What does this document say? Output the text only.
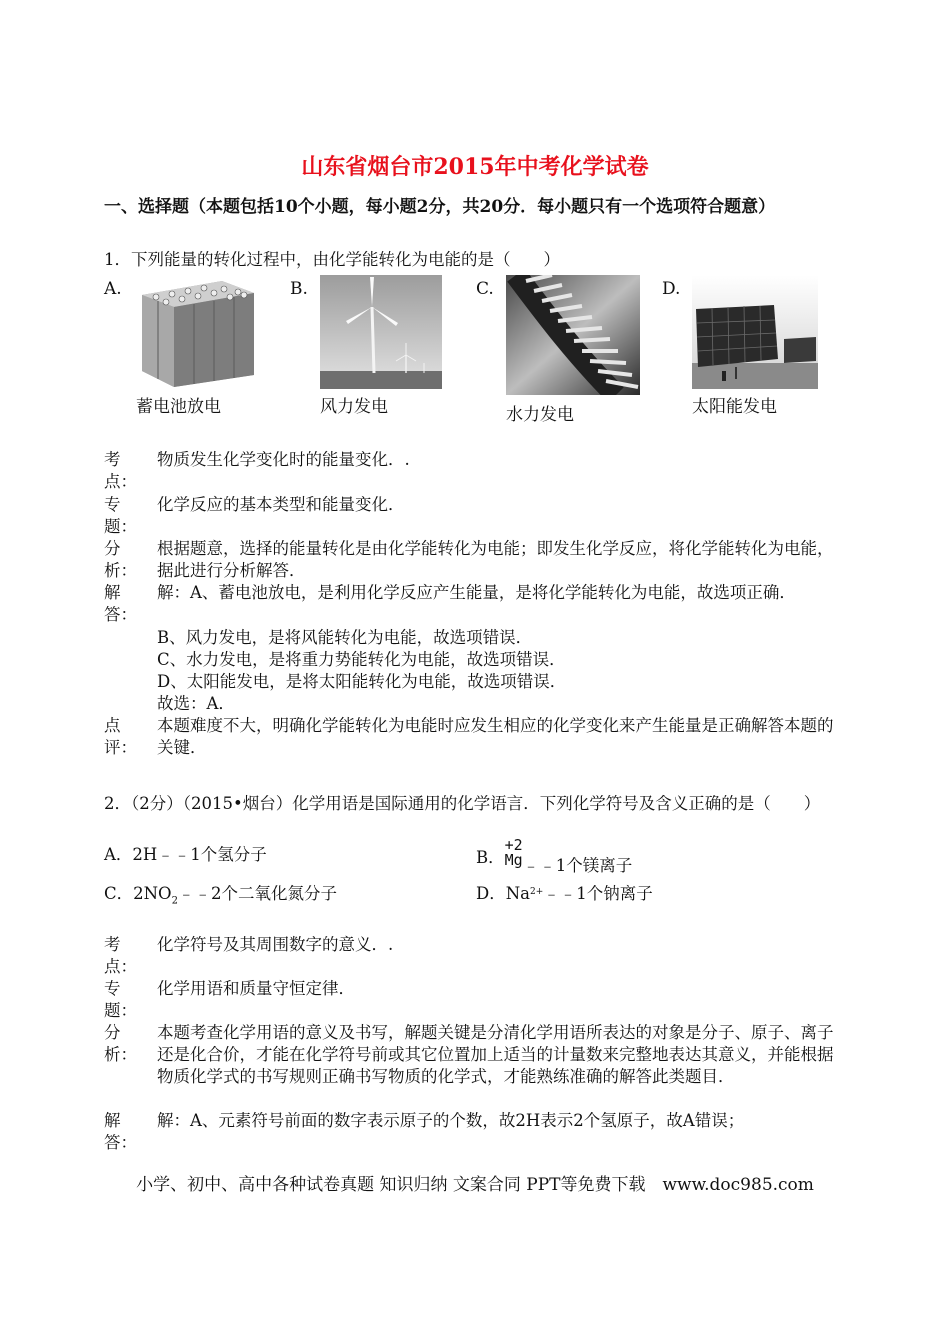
山东省烟台市2015年中考化学试卷
一、选择题（本题包括10个小题，每小题2分，共20分．每小题只有一个选项符合题意）
1．下列能量的转化过程中，由化学能转化为电能的是（　　）
A.	B.	C.	D.
蓄电池放电	风力发电	水力发电	太阳能发电
考点：
物质发生化学变化时的能量变化．.
专题：
化学反应的基本类型和能量变化．
分析：
根据题意，选择的能量转化是由化学能转化为电能；即发生化学反应，将化学能转化为电能，据此进行分析解答．
解答：
解：A、蓄电池放电，是利用化学反应产生能量，是将化学能转化为电能，故选项正确．
B、风力发电，是将风能转化为电能，故选项错误．
C、水力发电，是将重力势能转化为电能，故选项错误．
D、太阳能发电，是将太阳能转化为电能，故选项错误．
故选：A．
点评：
本题难度不大，明确化学能转化为电能时应发生相应的化学变化来产生能量是正确解答本题的关键．
2．（2分）（2015•烟台）化学用语是国际通用的化学语言．下列化学符号及含义正确的是（　　）
A．2H﹣﹣1个氢分子	B．
+2
Mg ﹣﹣1个镁离子
C．$2NO_2﹣﹣2$个二氧化氮分子	D．$Na^{2+}﹣﹣1$个钠离子
考点：
化学符号及其周围数字的意义．.
专题：
化学用语和质量守恒定律．
分析：
本题考查化学用语的意义及书写，解题关键是分清化学用语所表达的对象是分子、原子、离子还是化合价，才能在化学符号前或其它位置加上适当的计量数来完整地表达其意义，并能根据物质化学式的书写规则正确书写物质的化学式，才能熟练准确的解答此类题目．
解答：
解：A、元素符号前面的数字表示原子的个数，故2H表示2个氢原子，故A错误；
小学、初中、高中各种试卷真题 知识归纳 文案合同 PPT等免费下载　www.doc985.com
